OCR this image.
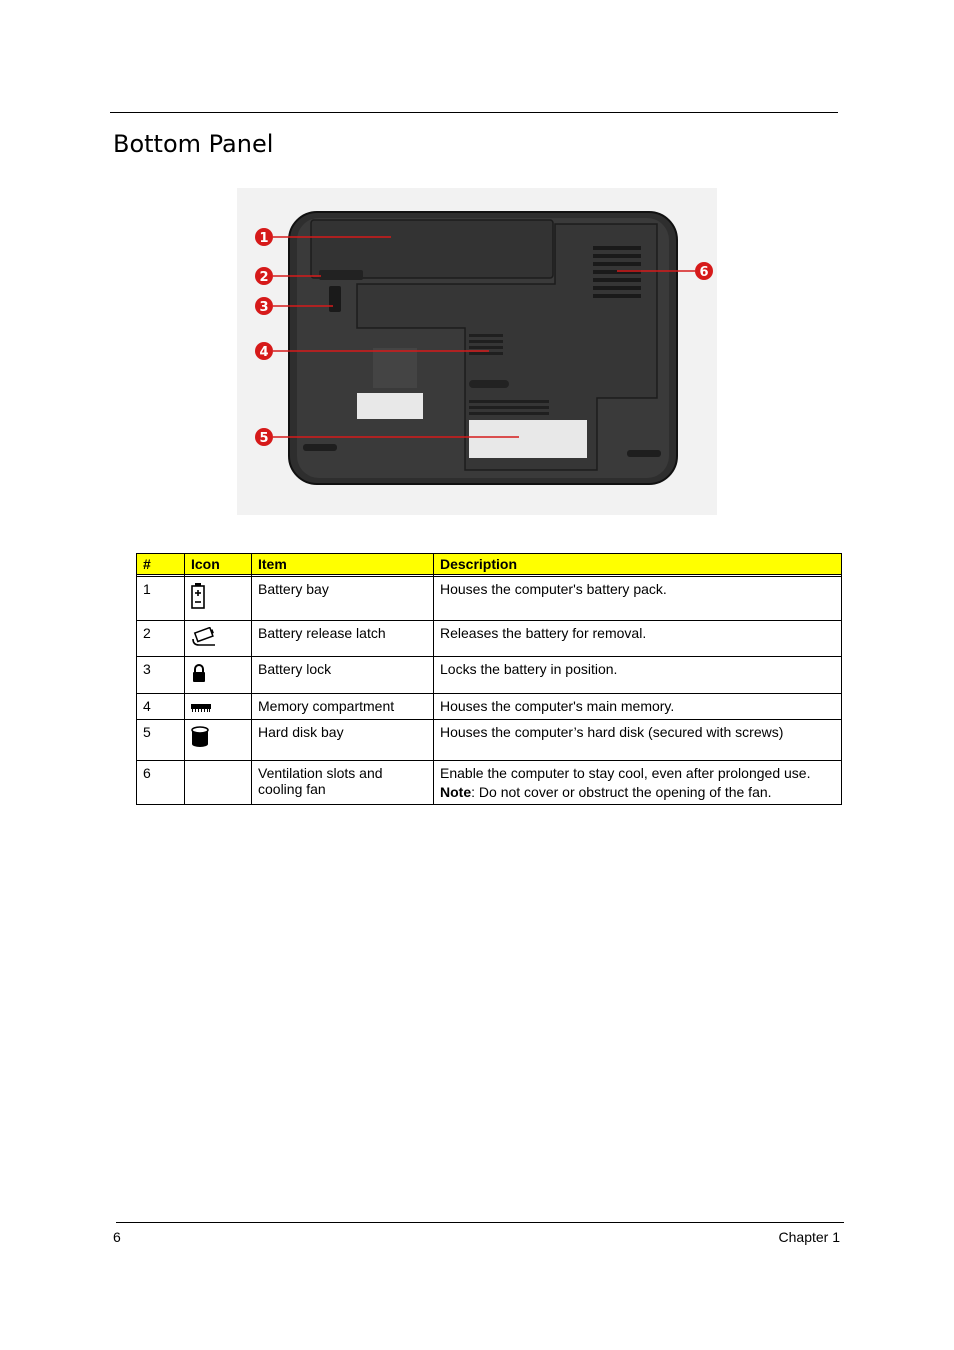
Bottom Panel
1
2
3
4
5
6
#	Icon	Item	Description

1		Battery bay	Houses the computer's battery pack.
2		Battery release latch	Releases the battery for removal.
3		Battery lock	Locks the battery in position.
4		Memory compartment	Houses the computer's main memory.
5		Hard disk bay	Houses the computer’s hard disk (secured with screws)
6		Ventilation slots and cooling fan	Enable the computer to stay cool, even after prolonged use.
Note: Do not cover or obstruct the opening of the fan.
6	Chapter 1
